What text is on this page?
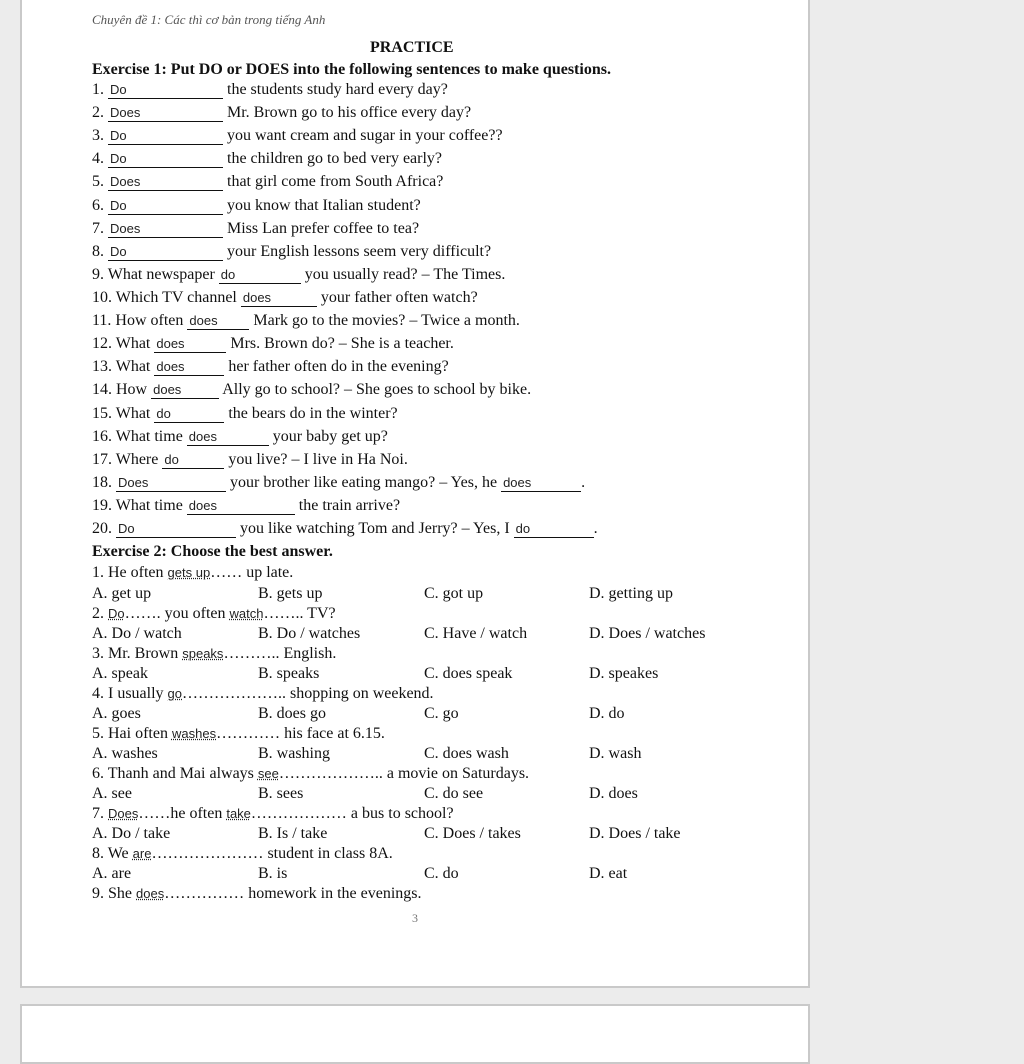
Chuyên đề 1: Các thì cơ bản trong tiếng Anh
PRACTICE
Exercise 1: Put DO or DOES into the following sentences to make questions.
Exercise 2: Choose the best answer.
3
1. Do	the students study hard every day?
2. Does	Mr. Brown go to his office every day?
3. Do	you want cream and sugar in your coffee??
4. Do	the children go to bed very early?
5. Does	that girl come from South Africa?
6. Do	you know that Italian student?
7. Does	Miss Lan prefer coffee to tea?
8. Do	your English lessons seem very difficult?
9. What newspaper do	you usually read? – The Times.
10. Which TV channel does	your father often watch?
11. How often does Mark go to the movies? – Twice a month.
12. What does	Mrs. Brown do? – She is a teacher.
13. What does	her father often do in the evening?
14. How does	Ally go to school? – She goes to school by bike.
15. What do	the bears do in the winter?
16. What time does	your baby get up?
17. Where do	you live? – I live in Ha Noi.
18. Does	your brother like eating mango? – Yes, he does	.
19. What time does	the train arrive?
20. Do	you like watching Tom and Jerry? – Yes, I do	.
1. He often gets up…… up late.
A. get up	B. gets up	C. got up	D. getting up
2. Do……. you often watch…….. TV?
A. Do / watch	B. Do / watches	C. Have / watch	D. Does / watches
3. Mr. Brown speaks……….. English.
A. speak	B. speaks	C. does speak	D. speakes
4. I usually go……………….. shopping on weekend.
A. goes	B. does go	C. go	D. do
5. Hai often washes………… his face at 6.15.
A. washes	B. washing	C. does wash	D. wash
6. Thanh and Mai always see……………….. a movie on Saturdays.
A. see	B. sees	C. do see	D. does
7. Does……he often take……………… a bus to school?
A. Do / take	B. Is / take	C. Does / takes	D. Does / take
8. We are………………… student in class 8A.
A. are	B. is	C. do	D. eat
9. She does…………… homework in the evenings.
